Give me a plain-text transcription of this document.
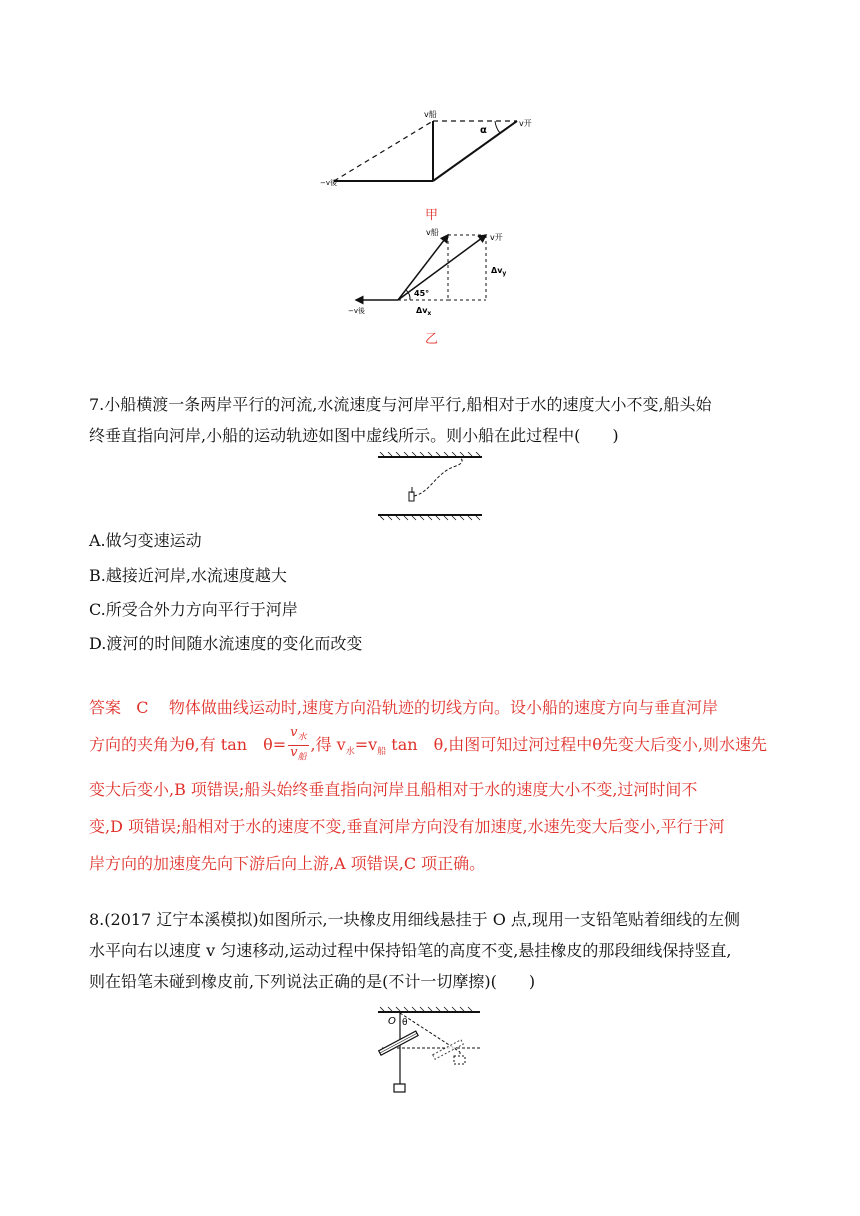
v船
v开
α
−v後
甲
v船
v开
$\Delta v_y$
$\Delta v_x$
45°
−v後
乙

7.小船横渡一条两岸平行的河流,水流速度与河岸平行,船相对于水的速度大小不变,船头始
终垂直指向河岸,小船的运动轨迹如图中虚线所示。则小船在此过程中(　　)

A.做匀变速运动

B.越接近河岸,水流速度越大

C.所受合外力方向平行于河岸

D.渡河的时间随水流速度的变化而改变

答案 C 物体做曲线运动时,速度方向沿轨迹的切线方向。设小船的速度方向与垂直河岸
方向的夹角为θ,有 tan　$\theta= \frac{v_水}{v_船}$ ,得 $v_水=v_船$ tan　θ,由图可知过河过程中θ先变大后变小,则水速先
变大后变小,B 项错误;船头始终垂直指向河岸且船相对于水的速度大小不变,过河时间不
变,D 项错误;船相对于水的速度不变,垂直河岸方向没有加速度,水速先变大后变小,平行于河
岸方向的加速度先向下游后向上游,A 项错误,C 项正确。

8.(2017 辽宁本溪模拟)如图所示,一块橡皮用细线悬挂于 O 点,现用一支铅笔贴着细线的左侧
水平向右以速度 v 匀速移动,运动过程中保持铅笔的高度不变,悬挂橡皮的那段细线保持竖直,
则在铅笔未碰到橡皮前,下列说法正确的是(不计一切摩擦)(　　)

O θ
